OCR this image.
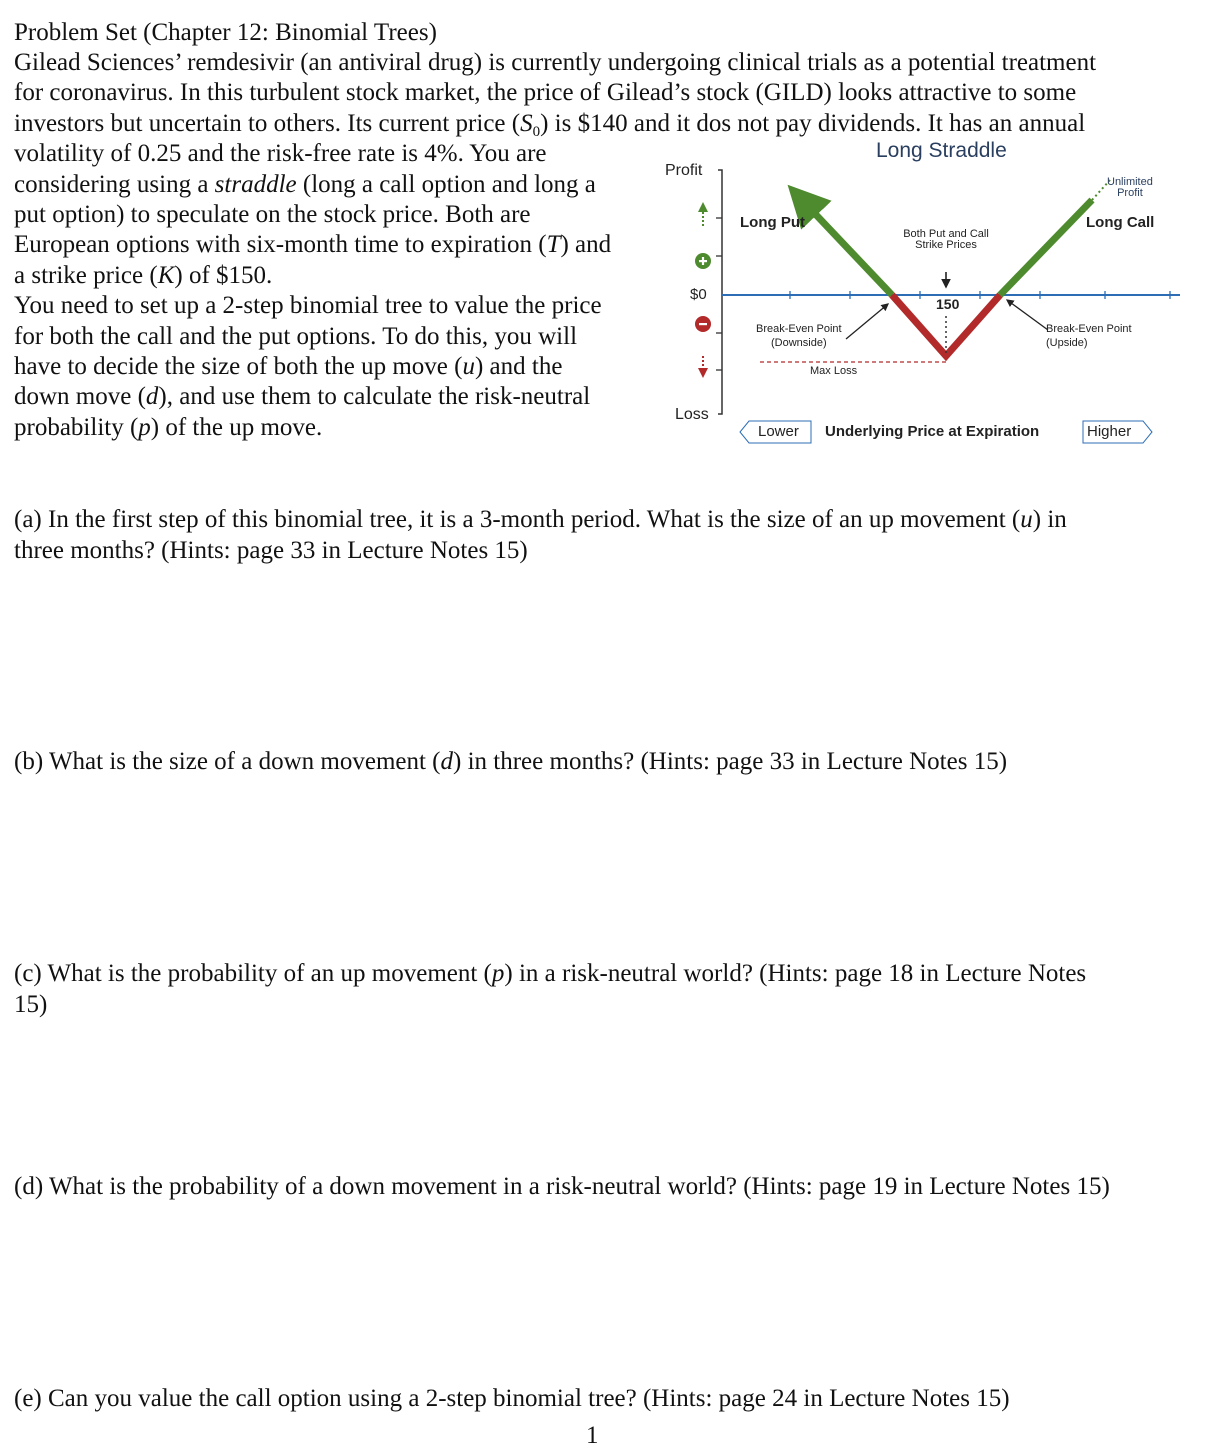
Problem Set (Chapter 12: Binomial Trees)
Gilead Sciences’ remdesivir (an antiviral drug) is currently undergoing clinical trials as a potential treatment
for coronavirus. In this turbulent stock market, the price of Gilead’s stock (GILD) looks attractive to some
investors but uncertain to others. Its current price $(S_0)$ is $140 and it dos not pay dividends. It has an annual
volatility of 0.25 and the risk-free rate is 4%. You are
considering using a straddle (long a call option and long a
put option) to speculate on the stock price. Both are
European options with six-month time to expiration (T) and
a strike price (K) of $150.
You need to set up a 2-step binomial tree to value the price
for both the call and the put options. To do this, you will
have to decide the size of both the up move (u) and the
down move (d), and use them to calculate the risk-neutral
probability (p) of the up move.
Long Straddle
Profit
$0
Loss
Long Put	Long Call
Unlimited
Profit
Both Put and Call
Strike Prices
150
Break-Even Point
(Downside)
Break-Even Point
(Upside)
Max Loss
Lower Underlying Price at Expiration	Higher
(a) In the first step of this binomial tree, it is a 3-month period. What is the size of an up movement (u) in
three months? (Hints: page 33 in Lecture Notes 15)
(b) What is the size of a down movement (d) in three months? (Hints: page 33 in Lecture Notes 15)
(c) What is the probability of an up movement (p) in a risk-neutral world? (Hints: page 18 in Lecture Notes
15)
(d) What is the probability of a down movement in a risk-neutral world? (Hints: page 19 in Lecture Notes 15)
(e) Can you value the call option using a 2-step binomial tree? (Hints: page 24 in Lecture Notes 15)
1
